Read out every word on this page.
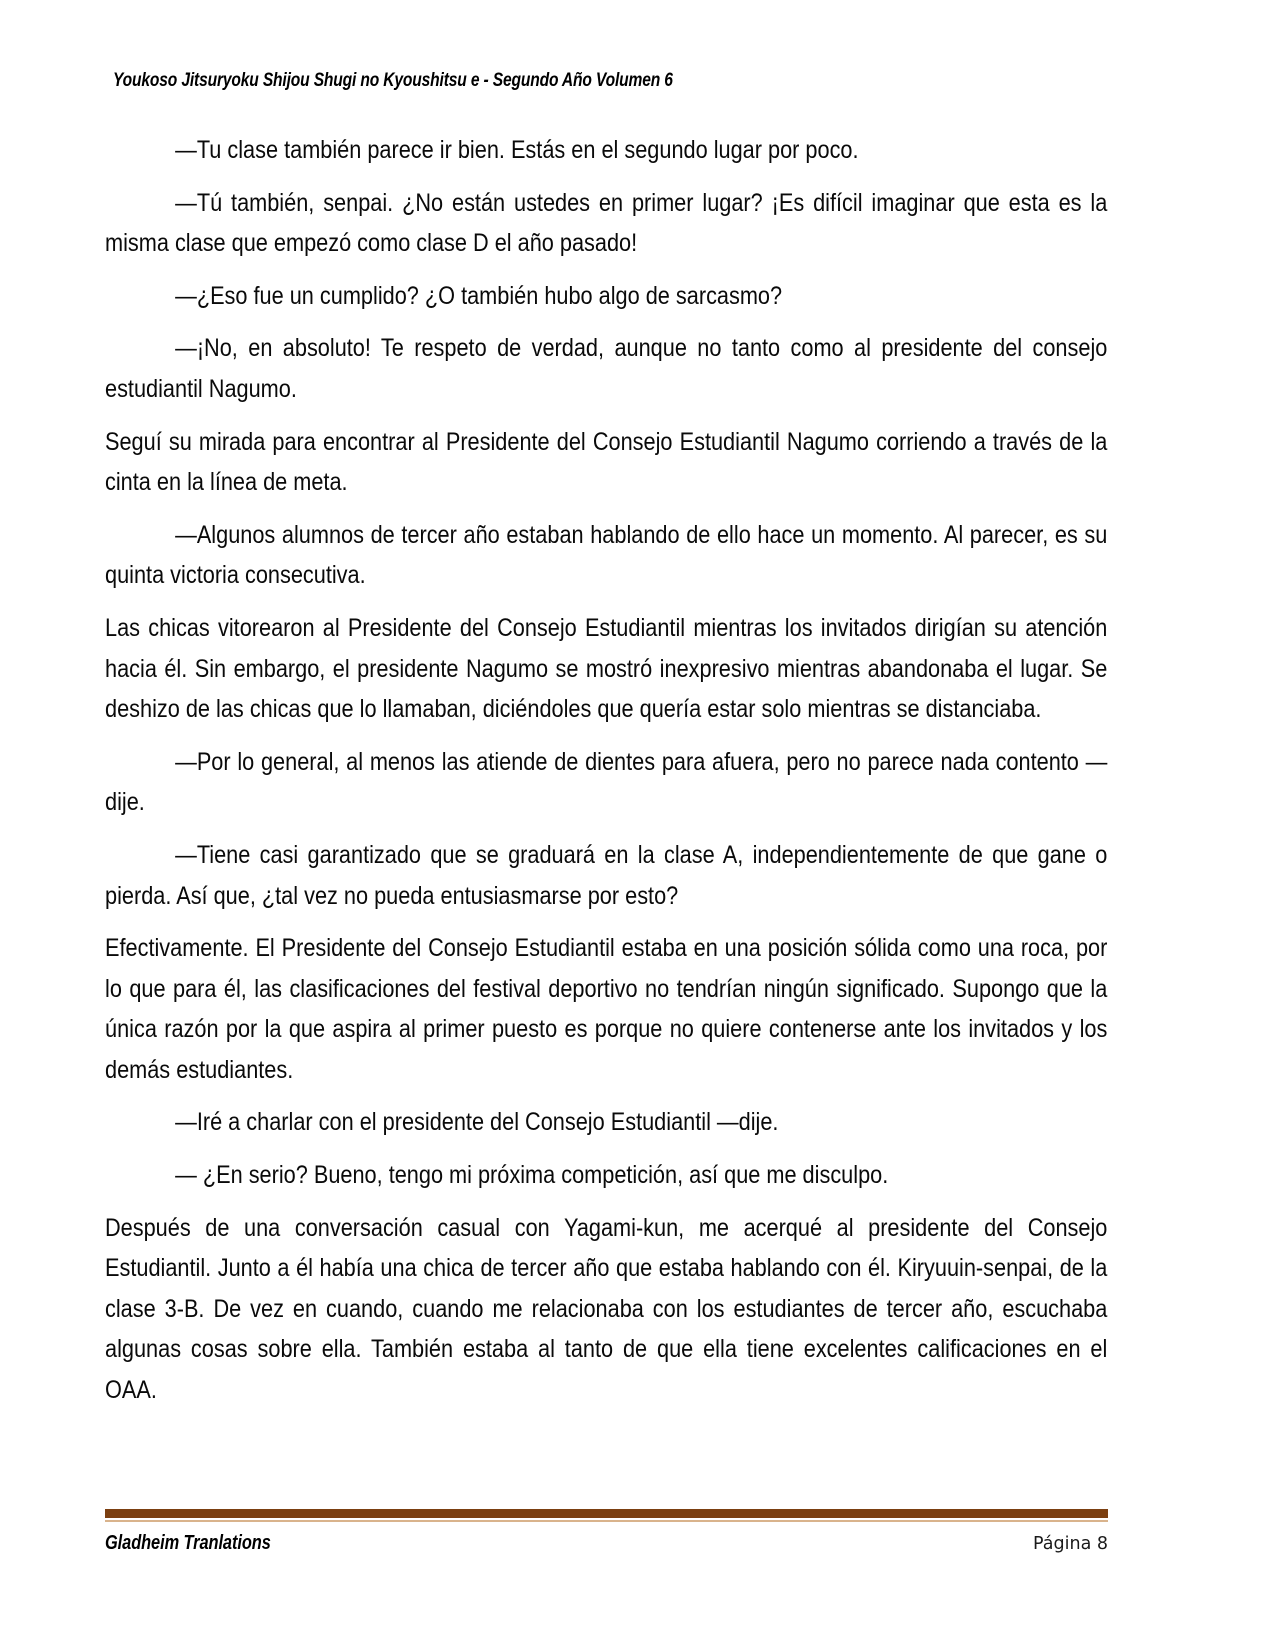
Youkoso Jitsuryoku Shijou Shugi no Kyoushitsu e - Segundo Año Volumen 6

—Tu clase también parece ir bien. Estás en el segundo lugar por poco.

—Tú también, senpai. ¿No están ustedes en primer lugar? ¡Es difícil imaginar que esta es la misma clase que empezó como clase D el año pasado!

—¿Eso fue un cumplido? ¿O también hubo algo de sarcasmo?

—¡No, en absoluto! Te respeto de verdad, aunque no tanto como al presidente del consejo estudiantil Nagumo.

Seguí su mirada para encontrar al Presidente del Consejo Estudiantil Nagumo corriendo a través de la cinta en la línea de meta.

—Algunos alumnos de tercer año estaban hablando de ello hace un momento. Al parecer, es su quinta victoria consecutiva.

Las chicas vitorearon al Presidente del Consejo Estudiantil mientras los invitados dirigían su atención hacia él. Sin embargo, el presidente Nagumo se mostró inexpresivo mientras abandonaba el lugar. Se deshizo de las chicas que lo llamaban, diciéndoles que quería estar solo mientras se distanciaba.

—Por lo general, al menos las atiende de dientes para afuera, pero no parece nada contento —dije.

—Tiene casi garantizado que se graduará en la clase A, independientemente de que gane o pierda. Así que, ¿tal vez no pueda entusiasmarse por esto?

Efectivamente. El Presidente del Consejo Estudiantil estaba en una posición sólida como una roca, por lo que para él, las clasificaciones del festival deportivo no tendrían ningún significado. Supongo que la única razón por la que aspira al primer puesto es porque no quiere contenerse ante los invitados y los demás estudiantes.

—Iré a charlar con el presidente del Consejo Estudiantil —dije.

— ¿En serio? Bueno, tengo mi próxima competición, así que me disculpo.

Después de una conversación casual con Yagami-kun, me acerqué al presidente del Consejo Estudiantil. Junto a él había una chica de tercer año que estaba hablando con él. Kiryuuin-senpai, de la clase 3-B. De vez en cuando, cuando me relacionaba con los estudiantes de tercer año, escuchaba algunas cosas sobre ella. También estaba al tanto de que ella tiene excelentes calificaciones en el OAA.

Gladheim Tranlations	Página 8
